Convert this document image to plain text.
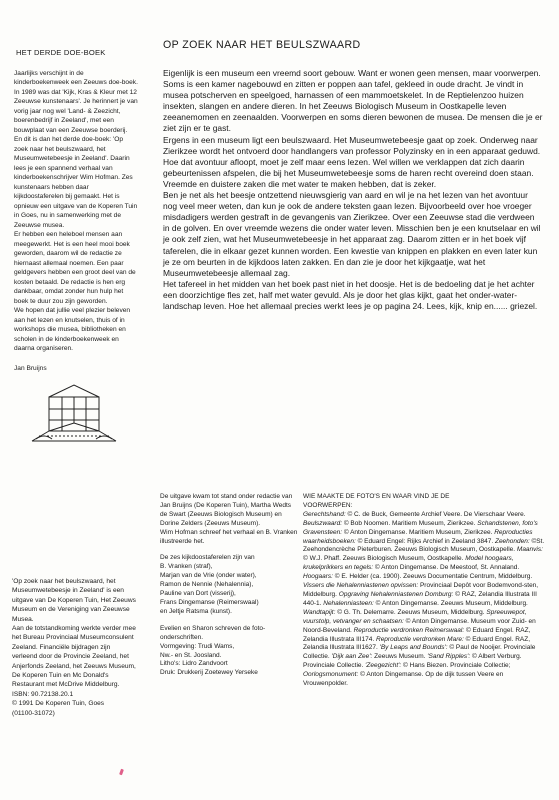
HET DERDE DOE-BOEK

Jaarlijks verschijnt in de kinderboekenweek een Zeeuws doe-boek. In 1989 was dat 'Kijk, Kras & Kleur met 12 Zeeuwse kunstenaars'. Je herinnert je van vorig jaar nog wel 'Land- & Zeezicht, boerenbedrijf in Zeeland', met een bouwplaat van een Zeeuwse boerderij.

En dit is dan het derde doe-boek: 'Op zoek naar het beulszwaard, het Museumwetebeesje in Zeeland'. Daarin lees je een spannend verhaal van kinderboekenschrijver Wim Hofman. Zes kunstenaars hebben daar kijkdoostaferelen bij gemaakt. Het is opnieuw een uitgave van de Koperen Tuin in Goes, nu in samenwerking met de Zeeuwse musea.

Er hebben een heleboel mensen aan meegewerkt. Het is een heel mooi boek geworden, daarom wil de redactie ze hiernaast allemaal noemen. Een paar geldgevers hebben een groot deel van de kosten betaald. De redactie is hen erg dankbaar, omdat zonder hun hulp het boek te duur zou zijn geworden.

We hopen dat jullie veel plezier beleven aan het lezen en knutselen, thuis of in workshops die musea, bibliotheken en scholen in de kinderboekenweek en daarna organiseren.

Jan Bruijns

'Op zoek naar het beulszwaard, het Museumwetebeesje in Zeeland' is een uitgave van De Koperen Tuin, Het Zeeuws Museum en de Vereniging van Zeeuwse Musea.

Aan de totstandkoming werkte verder mee het Bureau Provinciaal Museumconsulent Zeeland. Financiële bijdragen zijn verleend door de Provincie Zeeland, het Anjerfonds Zeeland, het Zeeuws Museum, De Koperen Tuin en Mc Donald's Restaurant met McDrive Middelburg.

ISBN: 90.72138.20.1

© 1991 De Koperen Tuin, Goes

(01100-31072)

OP ZOEK NAAR HET BEULSZWAARD

Eigenlijk is een museum een vreemd soort gebouw. Want er wonen geen mensen, maar voorwerpen. Soms is een kamer nagebouwd en zitten er poppen aan tafel, gekleed in oude dracht. Je vindt in musea potscherven en speelgoed, harnassen of een mammoetskelet. In de Reptielenzoo huizen insekten, slangen en andere dieren. In het Zeeuws Biologisch Museum in Oostkapelle leven zeeanemomen en zeenaalden. Voorwerpen en soms dieren bewonen de musea. De mensen die je er ziet zijn er te gast.
Ergens in een museum ligt een beulszwaard. Het Museumwetebeesje gaat op zoek. Onderweg naar Zierikzee wordt het ontvoerd door handlangers van professor Polyzinsky en in een apparaat geduwd.
Hoe dat avontuur afloopt, moet je zelf maar eens lezen. Wel willen we verklappen dat zich daarin gebeurtenissen afspelen, die bij het Museumwetebeesje soms de haren recht overeind doen staan. Vreemde en duistere zaken die met water te maken hebben, dat is zeker.
Ben je net als het beesje ontzettend nieuwsgierig van aard en wil je na het lezen van het avontuur nog veel meer weten, dan kun je ook de andere teksten gaan lezen. Bijvoorbeeld over hoe vroeger misdadigers werden gestraft in de gevangenis van Zierikzee. Over een Zeeuwse stad die verdween in de golven. En over vreemde wezens die onder water leven. Misschien ben je een knutselaar en wil je ook zelf zien, wat het Museumwetebeesje in het apparaat zag. Daarom zitten er in het boek vijf taferelen, die in elkaar gezet kunnen worden. Een kwestie van knippen en plakken en even later kun je ze om beurten in de kijkdoos laten zakken. En dan zie je door het kijkgaatje, wat het Museumwetebeesje allemaal zag.
Het tafereel in het midden van het boek past niet in het doosje. Het is de bedoeling dat je het achter een doorzichtige fles zet, half met water gevuld. Als je door het glas kijkt, gaat het onder-water-landschap leven. Hoe het allemaal precies werkt lees je op pagina 24. Lees, kijk, knip en...... griezel.

De uitgave kwam tot stand onder redactie van Jan Bruijns (De Koperen Tuin), Martha Wedts de Swart (Zeeuws Biologisch Museum) en Dorine Zelders (Zeeuws Museum).

Wim Hofman schreef het verhaal en B. Vranken illustreerde het.

De zes kijkdoostaferelen zijn van

B. Vranken (straf),

Marjan van de Vrie (onder water),

Ramon de Nennie (Nehalennia),

Pauline van Dort (visserij),

Frans Dingemanse (Reimerswaal)

en Jeltje Ratsma (kunst).

Evelien en Sharon schreven de foto-onderschriften.

Vormgeving: Trudi Wams,

Nw.- en St. Joosland.

Litho's: Lidro Zandvoort

Druk: Drukkerij Zoetewey Yerseke

WIE MAAKTE DE FOTO'S EN WAAR VIND JE DE

VOORWERPEN:

Gerechtshand: © C. de Buck, Gemeente Archief Veere. De Vierschaar Veere. Beulszwaard: © Bob Noomen. Maritiem Museum, Zierikzee. Schandstenen, foto's Gravensteen: © Anton Dingemanse. Maritiem Museum, Zierikzee. Reproducties waarheidsboeken: © Eduard Engel: Rijks Archief in Zeeland 3847. Zeehonden: ©St. Zeehondencrèche Pieterburen. Zeeuws Biologisch Museum, Oostkapelle. Maanvis: © W.J. Phaff. Zeeuws Biologisch Museum, Oostkapelle. Model hoogaars, krukelprikkers en tegels: © Anton Dingemanse. De Meestoof, St. Annaland. Hoogaars: © E. Helder (ca. 1900). Zeeuws Documentatie Centrum, Middelburg. Vissers die Nehalenniastenen opvissen: Provinciaal Depôt voor Bodemvond-sten, Middelburg. Opgraving Nehalenniastenen Domburg: © RAZ, Zelandia Illustrata III 440-1. Nehalenniasteen: © Anton Dingemanse. Zeeuws Museum, Middelburg. Wandtapijt: © G. Th. Delemarre. Zeeuws Museum, Middelburg. Spreeuwepot, vuurstolp, vetvanger en schaatsen: © Anton Dingemanse. Museum voor Zuid- en Noord-Beveland. Reproductie verdronken Reimerswaal: © Eduard Engel. RAZ, Zelandia Illustrata III174. Reproductie verdronken Mare: © Eduard Engel. RAZ, Zelandia Illustrata III1627. 'By Leaps and Bounds': © Paul de Nooijer. Provinciale Collectie. 'Dijk aan Zee': Zeeuws Museum. 'Sand Ripples': © Albert Verburg. Provinciale Collectie. 'Zeegezicht': © Hans Biezen. Provinciale Collectie; Oorlogsmonument: © Anton Dingemanse. Op de dijk tussen Veere en Vrouwenpolder.
